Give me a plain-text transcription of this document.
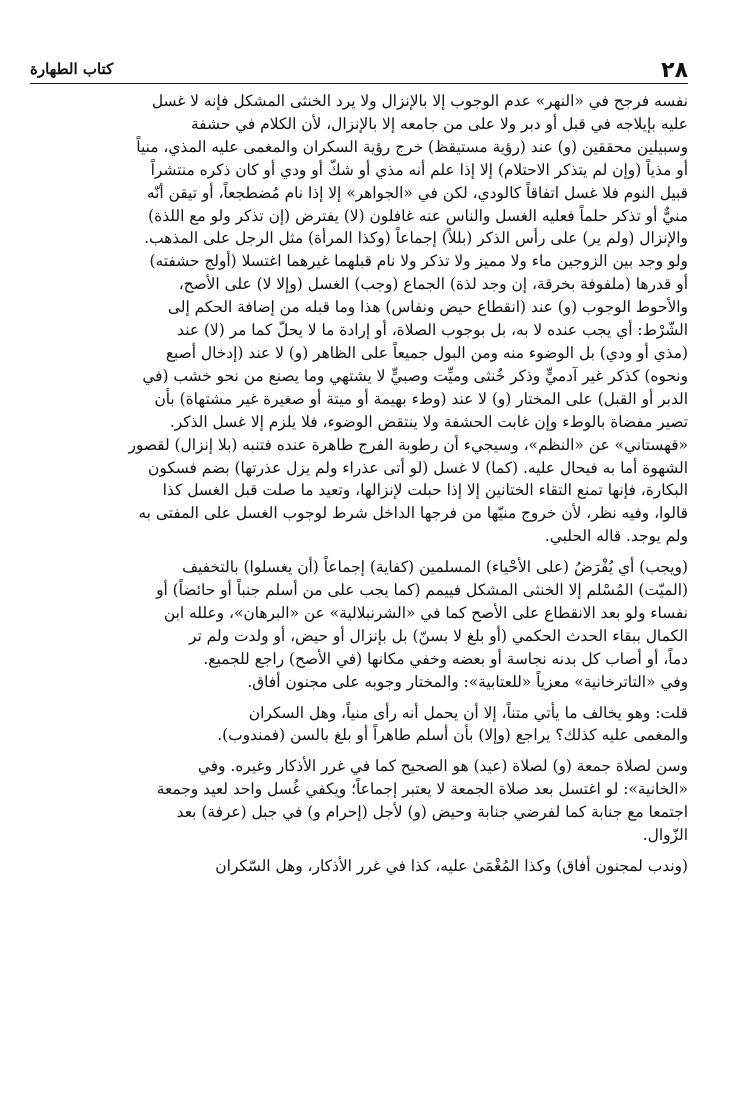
كتاب الطهارة	٢٨

نفسه فرجح في «النهر» عدم الوجوب إلا بالإنزال ولا يرد الخنثى المشكل فإنه لا غسل
عليه بإيلاجه في قبل أو دبر ولا على من جامعه إلا بالإنزال، لأن الكلام في حشفة
وسبيلين محققين (و) عند (رؤية مستيقظ) خرج رؤية السكران والمغمى عليه المذي، منياً
أو مذياً (وإن لم يتذكر الاحتلام) إلا إذا علم أنه مذي أو شكّ أو ودي أو كان ذكره منتشراً
قبيل النوم فلا غسل اتفاقاً كالودي، لكن في «الجواهر» إلا إذا نام مُضطجعاً، أو تيقن أنّه
منيٌّ أو تذكر حلماً فعليه الغسل والناس عنه غافلون (لا) يفترض (إن تذكر ولو مع اللذة)
والإنزال (ولم ير) على رأس الذكر (بللاً) إجماعاً (وكذا المرأة) مثل الرجل على المذهب.
ولو وجد بين الزوجين ماء ولا مميز ولا تذكر ولا نام قبلهما غيرهما اغتسلا (أولج حشفته)
أو قدرها (ملفوفة بخرقة، إن وجد لذة) الجماع (وجب) الغسل (وإلا لا) على الأصح،
والأحوط الوجوب (و) عند (انقطاع حيض ونفاس) هذا وما قبله من إضافة الحكم إلى
الشّرْط: أي يجب عنده لا به، بل بوجوب الصلاة، أو إرادة ما لا يحلّ كما مر (لا) عند
(مذي أو ودي) بل الوضوء منه ومن البول جميعاً على الظاهر (و) لا عند (إدخال أصبع
ونحوه) كذكر غير آدميٍّ وذكر خُنثى وميِّت وصبيٍّ لا يشتهي وما يصنع من نحو خشب (في
الدبر أو القبل) على المختار (و) لا عند (وطء بهيمة أو ميتة أو صغيرة غير مشتهاة) بأن
تصير مفضاة بالوطء وإن غابت الحشفة ولا ينتقض الوضوء، فلا يلزم إلا غسل الذكر.
«قهستاني» عن «النظم»، وسيجيء أن رطوبة الفرج طاهرة عنده فتنبه (بلا إنزال) لقصور
الشهوة أما به فيحال عليه. (كما) لا غسل (لو أتى عذراء ولم يزل عذرتها) بضم فسكون
البكارة، فإنها تمنع التقاء الختانين إلا إذا حبلت لإنزالها، وتعيد ما صلت قبل الغسل كذا
قالوا، وفيه نظر، لأن خروج منيّها من فرجها الداخل شرط لوجوب الغسل على المفتى به
ولم يوجد. قاله الحلبي.

(ويجب) أي يُفْرَضُ (على الأحْياء) المسلمين (كفاية) إجماعاً (أن يغسلوا) بالتخفيف
(الميّت) المُسْلم إلا الخنثى المشكل فييمم (كما يجب على من أسلم جنباً أو حائضاً) أو
نفساء ولو بعد الانقطاع على الأصح كما في «الشرنبلالية» عن «البرهان»، وعلله ابن
الكمال ببقاء الحدث الحكمي (أو بلغ لا بسنّ) بل بإنزال أو حيض، أو ولدت ولم تر
دماً، أو أصاب كل بدنه نجاسة أو بعضه وخفي مكانها (في الأصح) راجع للجميع.

وفي «التاترخانية» معزياً «للعتابية»: والمختار وجوبه على مجنون أفاق.

قلت: وهو يخالف ما يأتي متناً، إلا أن يحمل أنه رأى منياً، وهل السكران
والمغمى عليه كذلك؟ يراجع (وإلا) بأن أسلم طاهراً أو بلغ بالسن (فمندوب).

وسن لصلاة جمعة (و) لصلاة (عيد) هو الصحيح كما في غرر الأذكار وغيره. وفي
«الخانية»: لو اغتسل بعد صلاة الجمعة لا يعتبر إجماعاً؛ ويكفي غُسل واحد لعيد وجمعة
اجتمعا مع جنابة كما لفرضي جنابة وحيض (و) لأجل (إحرام و) في جبل (عرفة) بعد
الزّوال.

(وندب لمجنون أفاق) وكذا المُغْمَىٰ عليه، كذا في غرر الأذكار، وهل السّكران
